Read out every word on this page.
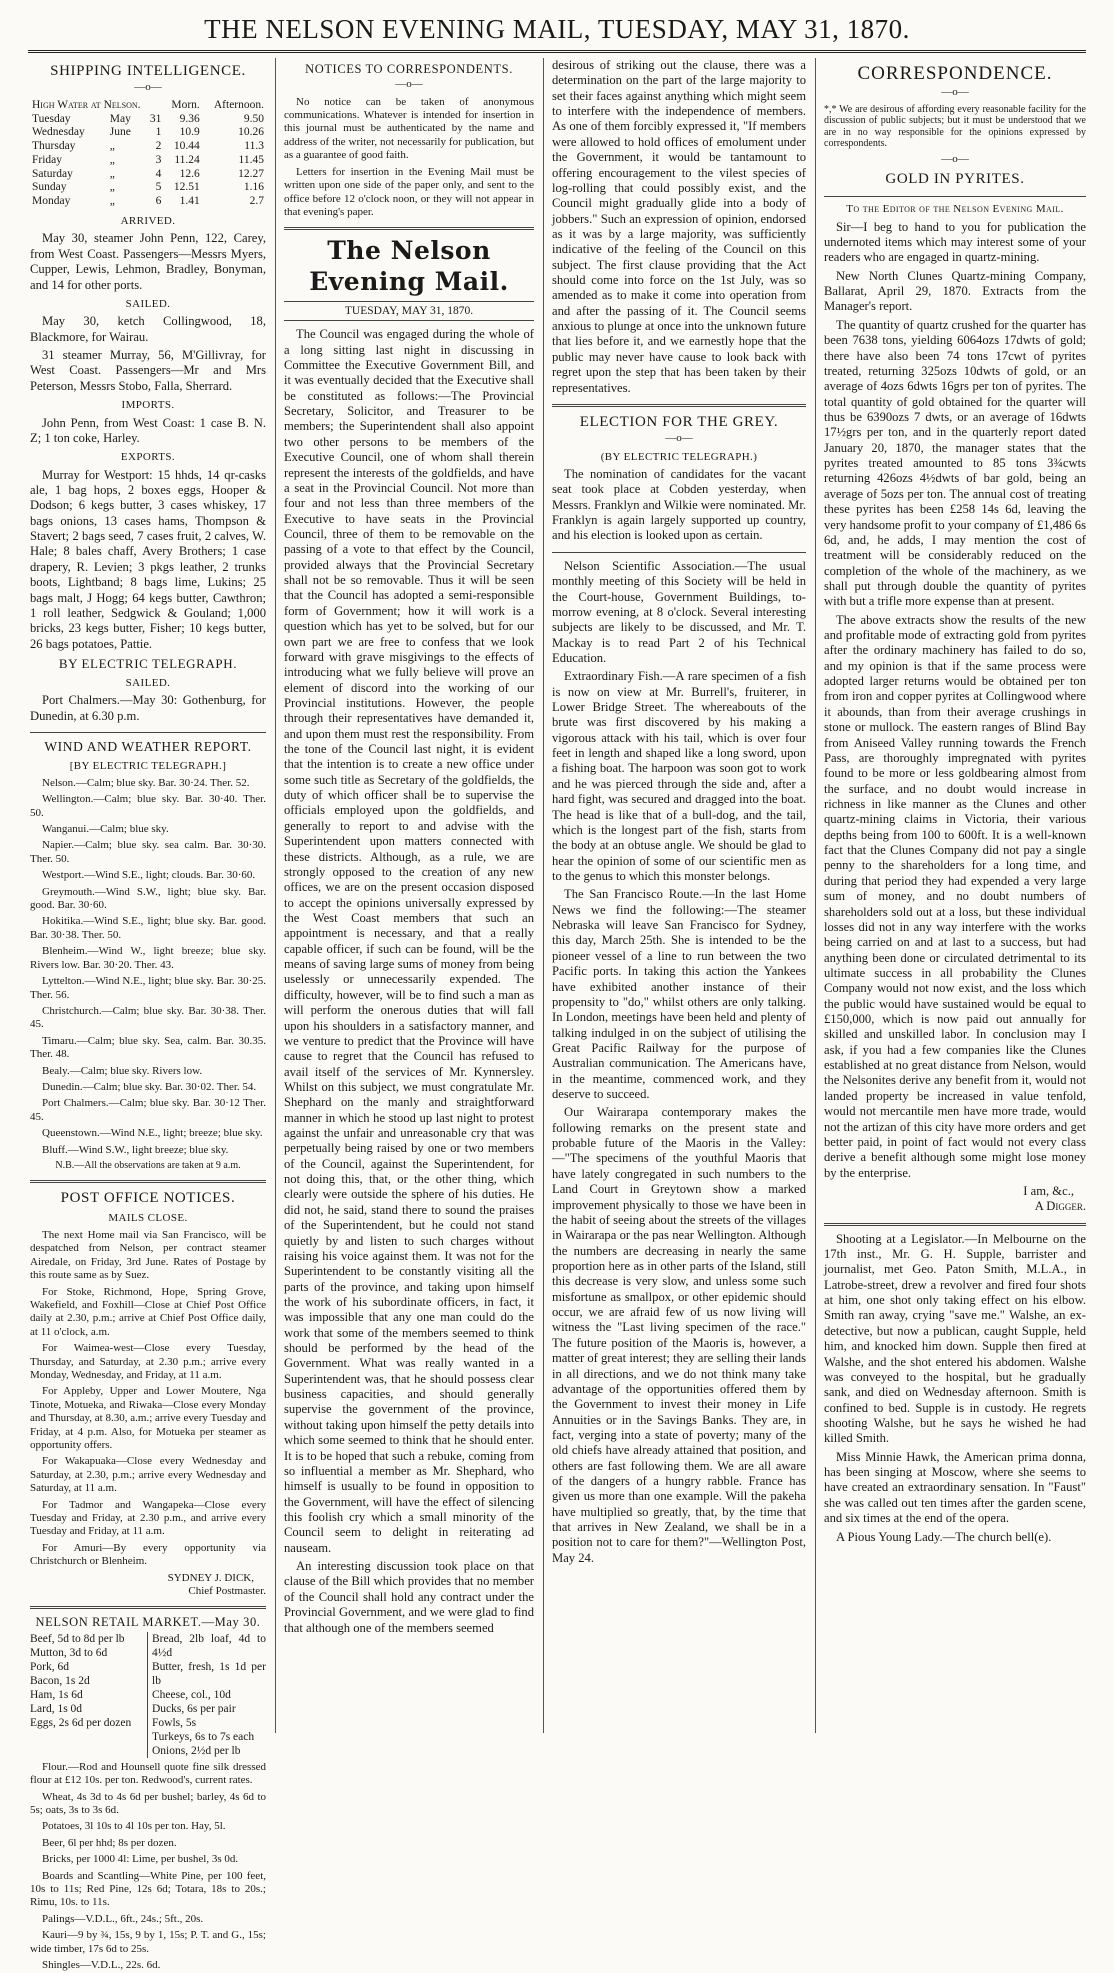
THE NELSON EVENING MAIL, TUESDAY, MAY 31, 1870.
SHIPPING INTELLIGENCE.
—o—
High Water at Nelson.			Morn.	Afternoon.
Tuesday	May	31	9.36	9.50
Wednesday	June	1	10.9	10.26
Thursday	„	2	10.44	11.3
Friday	„	3	11.24	11.45
Saturday	„	4	12.6	12.27
Sunday	„	5	12.51	1.16
Monday	„	6	1.41	2.7
ARRIVED.

May 30, steamer John Penn, 122, Carey, from West Coast. Passengers—Messrs Myers, Cupper, Lewis, Lehmon, Bradley, Bonyman, and 14 for other ports.

SAILED.

May 30, ketch Collingwood, 18, Blackmore, for Wairau.

31 steamer Murray, 56, M'Gillivray, for West Coast. Passengers—Mr and Mrs Peterson, Messrs Stobo, Falla, Sherrard.

IMPORTS.

John Penn, from West Coast: 1 case B. N. Z; 1 ton coke, Harley.

EXPORTS.

Murray for Westport: 15 hhds, 14 qr-casks ale, 1 bag hops, 2 boxes eggs, Hooper & Dodson; 6 kegs butter, 3 cases whiskey, 17 bags onions, 13 cases hams, Thompson & Stavert; 2 bags seed, 7 cases fruit, 2 calves, W. Hale; 8 bales chaff, Avery Brothers; 1 case drapery, R. Levien; 3 pkgs leather, 2 trunks boots, Lightband; 8 bags lime, Lukins; 25 bags malt, J Hogg; 64 kegs butter, Cawthron; 1 roll leather, Sedgwick & Gouland; 1,000 bricks, 23 kegs butter, Fisher; 10 kegs butter, 26 bags potatoes, Pattie.

BY ELECTRIC TELEGRAPH.
SAILED.

Port Chalmers.—May 30: Gothenburg, for Dunedin, at 6.30 p.m.

WIND AND WEATHER REPORT.
[BY ELECTRIC TELEGRAPH.]

Nelson.—Calm; blue sky. Bar. 30·24. Ther. 52.

Wellington.—Calm; blue sky. Bar. 30·40. Ther. 50.

Wanganui.—Calm; blue sky.

Napier.—Calm; blue sky. sea calm. Bar. 30·30. Ther. 50.

Westport.—Wind S.E., light; clouds. Bar. 30·60.

Greymouth.—Wind S.W., light; blue sky. Bar. good. Bar. 30·60.

Hokitika.—Wind S.E., light; blue sky. Bar. good. Bar. 30·38. Ther. 50.

Blenheim.—Wind W., light breeze; blue sky. Rivers low. Bar. 30·20. Ther. 43.

Lyttelton.—Wind N.E., light; blue sky. Bar. 30·25. Ther. 56.

Christchurch.—Calm; blue sky. Bar. 30·38. Ther. 45.

Timaru.—Calm; blue sky. Sea, calm. Bar. 30.35. Ther. 48.

Bealy.—Calm; blue sky. Rivers low.

Dunedin.—Calm; blue sky. Bar. 30·02. Ther. 54.

Port Chalmers.—Calm; blue sky. Bar. 30·12 Ther. 45.

Queenstown.—Wind N.E., light; breeze; blue sky.

Bluff.—Wind S.W., light breeze; blue sky.

N.B.—All the observations are taken at 9 a.m.

POST OFFICE NOTICES.
MAILS CLOSE.

The next Home mail via San Francisco, will be despatched from Nelson, per contract steamer Airedale, on Friday, 3rd June. Rates of Postage by this route same as by Suez.

For Stoke, Richmond, Hope, Spring Grove, Wakefield, and Foxhill—Close at Chief Post Office daily at 2.30, p.m.; arrive at Chief Post Office daily, at 11 o'clock, a.m.

For Waimea-west—Close every Tuesday, Thursday, and Saturday, at 2.30 p.m.; arrive every Monday, Wednesday, and Friday, at 11 a.m.

For Appleby, Upper and Lower Moutere, Nga Tinote, Motueka, and Riwaka—Close every Monday and Thursday, at 8.30, a.m.; arrive every Tuesday and Friday, at 4 p.m. Also, for Motueka per steamer as opportunity offers.

For Wakapuaka—Close every Wednesday and Saturday, at 2.30, p.m.; arrive every Wednesday and Saturday, at 11 a.m.

For Tadmor and Wangapeka—Close every Tuesday and Friday, at 2.30 p.m., and arrive every Tuesday and Friday, at 11 a.m.

For Amuri—By every opportunity via Christchurch or Blenheim.

SYDNEY J. DICK,
Chief Postmaster.
NELSON RETAIL MARKET.—May 30.
Beef, 5d to 8d per lb
Mutton, 3d to 6d
Pork, 6d
Bacon, 1s 2d
Ham, 1s 6d
Lard, 1s 0d
Eggs, 2s 6d per dozen
Bread, 2lb loaf, 4d to 4½d
Butter, fresh, 1s 1d per lb
Cheese, col., 10d
Ducks, 6s per pair
Fowls, 5s
Turkeys, 6s to 7s each
Onions, 2½d per lb

Flour.—Rod and Hounsell quote fine silk dressed flour at £12 10s. per ton. Redwood's, current rates.

Wheat, 4s 3d to 4s 6d per bushel; barley, 4s 6d to 5s; oats, 3s to 3s 6d.

Potatoes, 3l 10s to 4l 10s per ton. Hay, 5l.

Beer, 6l per hhd; 8s per dozen.

Bricks, per 1000 4l: Lime, per bushel, 3s 0d.

Boards and Scantling—White Pine, per 100 feet, 10s to 11s; Red Pine, 12s 6d; Totara, 18s to 20s.; Rimu, 10s. to 11s.

Palings—V.D.L., 6ft., 24s.; 5ft., 20s.

Kauri—9 by ¾, 15s, 9 by 1, 15s; P. T. and G., 15s; wide timber, 17s 6d to 25s.

Shingles—V.D.L., 22s. 6d.

NOTICES TO CORRESPONDENTS.
—o—

No notice can be taken of anonymous communications. Whatever is intended for insertion in this journal must be authenticated by the name and address of the writer, not necessarily for publication, but as a guarantee of good faith.

Letters for insertion in the Evening Mail must be written upon one side of the paper only, and sent to the office before 12 o'clock noon, or they will not appear in that evening's paper.

The Nelson Evening Mail.
TUESDAY, MAY 31, 1870.

The Council was engaged during the whole of a long sitting last night in discussing in Committee the Executive Government Bill, and it was eventually decided that the Executive shall be constituted as follows:—The Provincial Secretary, Solicitor, and Treasurer to be members; the Superintendent shall also appoint two other persons to be members of the Executive Council, one of whom shall therein represent the interests of the goldfields, and have a seat in the Provincial Council. Not more than four and not less than three members of the Executive to have seats in the Provincial Council, three of them to be removable on the passing of a vote to that effect by the Council, provided always that the Provincial Secretary shall not be so removable. Thus it will be seen that the Council has adopted a semi-responsible form of Government; how it will work is a question which has yet to be solved, but for our own part we are free to confess that we look forward with grave misgivings to the effects of introducing what we fully believe will prove an element of discord into the working of our Provincial institutions. However, the people through their representatives have demanded it, and upon them must rest the responsibility. From the tone of the Council last night, it is evident that the intention is to create a new office under some such title as Secretary of the goldfields, the duty of which officer shall be to supervise the officials employed upon the goldfields, and generally to report to and advise with the Superintendent upon matters connected with these districts. Although, as a rule, we are strongly opposed to the creation of any new offices, we are on the present occasion disposed to accept the opinions universally expressed by the West Coast members that such an appointment is necessary, and that a really capable officer, if such can be found, will be the means of saving large sums of money from being uselessly or unnecessarily expended. The difficulty, however, will be to find such a man as will perform the onerous duties that will fall upon his shoulders in a satisfactory manner, and we venture to predict that the Province will have cause to regret that the Council has refused to avail itself of the services of Mr. Kynnersley. Whilst on this subject, we must congratulate Mr. Shephard on the manly and straightforward manner in which he stood up last night to protest against the unfair and unreasonable cry that was perpetually being raised by one or two members of the Council, against the Superintendent, for not doing this, that, or the other thing, which clearly were outside the sphere of his duties. He did not, he said, stand there to sound the praises of the Superintendent, but he could not stand quietly by and listen to such charges without raising his voice against them. It was not for the Superintendent to be constantly visiting all the parts of the province, and taking upon himself the work of his subordinate officers, in fact, it was impossible that any one man could do the work that some of the members seemed to think should be performed by the head of the Government. What was really wanted in a Superintendent was, that he should possess clear business capacities, and should generally supervise the government of the province, without taking upon himself the petty details into which some seemed to think that he should enter. It is to be hoped that such a rebuke, coming from so influential a member as Mr. Shephard, who himself is usually to be found in opposition to the Government, will have the effect of silencing this foolish cry which a small minority of the Council seem to delight in reiterating ad nauseam.

An interesting discussion took place on that clause of the Bill which provides that no member of the Council shall hold any contract under the Provincial Government, and we were glad to find that although one of the members seemed

desirous of striking out the clause, there was a determination on the part of the large majority to set their faces against anything which might seem to interfere with the independence of members. As one of them forcibly expressed it, "If members were allowed to hold offices of emolument under the Government, it would be tantamount to offering encouragement to the vilest species of log-rolling that could possibly exist, and the Council might gradually glide into a body of jobbers." Such an expression of opinion, endorsed as it was by a large majority, was sufficiently indicative of the feeling of the Council on this subject. The first clause providing that the Act should come into force on the 1st July, was so amended as to make it come into operation from and after the passing of it. The Council seems anxious to plunge at once into the unknown future that lies before it, and we earnestly hope that the public may never have cause to look back with regret upon the step that has been taken by their representatives.

ELECTION FOR THE GREY.
—o—
(BY ELECTRIC TELEGRAPH.)

The nomination of candidates for the vacant seat took place at Cobden yesterday, when Messrs. Franklyn and Wilkie were nominated. Mr. Franklyn is again largely supported up country, and his election is looked upon as certain.

Nelson Scientific Association.—The usual monthly meeting of this Society will be held in the Court-house, Government Buildings, to-morrow evening, at 8 o'clock. Several interesting subjects are likely to be discussed, and Mr. T. Mackay is to read Part 2 of his Technical Education.

Extraordinary Fish.—A rare specimen of a fish is now on view at Mr. Burrell's, fruiterer, in Lower Bridge Street. The whereabouts of the brute was first discovered by his making a vigorous attack with his tail, which is over four feet in length and shaped like a long sword, upon a fishing boat. The harpoon was soon got to work and he was pierced through the side and, after a hard fight, was secured and dragged into the boat. The head is like that of a bull-dog, and the tail, which is the longest part of the fish, starts from the body at an obtuse angle. We should be glad to hear the opinion of some of our scientific men as to the genus to which this monster belongs.

The San Francisco Route.—In the last Home News we find the following:—The steamer Nebraska will leave San Francisco for Sydney, this day, March 25th. She is intended to be the pioneer vessel of a line to run between the two Pacific ports. In taking this action the Yankees have exhibited another instance of their propensity to "do," whilst others are only talking. In London, meetings have been held and plenty of talking indulged in on the subject of utilising the Great Pacific Railway for the purpose of Australian communication. The Americans have, in the meantime, commenced work, and they deserve to succeed.

Our Wairarapa contemporary makes the following remarks on the present state and probable future of the Maoris in the Valley:—"The specimens of the youthful Maoris that have lately congregated in such numbers to the Land Court in Greytown show a marked improvement physically to those we have been in the habit of seeing about the streets of the villages in Wairarapa or the pas near Wellington. Although the numbers are decreasing in nearly the same proportion here as in other parts of the Island, still this decrease is very slow, and unless some such misfortune as smallpox, or other epidemic should occur, we are afraid few of us now living will witness the "Last living specimen of the race." The future position of the Maoris is, however, a matter of great interest; they are selling their lands in all directions, and we do not think many take advantage of the opportunities offered them by the Government to invest their money in Life Annuities or in the Savings Banks. They are, in fact, verging into a state of poverty; many of the old chiefs have already attained that position, and others are fast following them. We are all aware of the dangers of a hungry rabble. France has given us more than one example. Will the pakeha have multiplied so greatly, that, by the time that that arrives in New Zealand, we shall be in a position not to care for them?"—Wellington Post, May 24.

CORRESPONDENCE.
—o—

*,* We are desirous of affording every reasonable facility for the discussion of public subjects; but it must be understood that we are in no way responsible for the opinions expressed by correspondents.

—o—
GOLD IN PYRITES.
To the Editor of the Nelson Evening Mail.

Sir—I beg to hand to you for publication the undernoted items which may interest some of your readers who are engaged in quartz-mining.

New North Clunes Quartz-mining Company, Ballarat, April 29, 1870. Extracts from the Manager's report.

The quantity of quartz crushed for the quarter has been 7638 tons, yielding 6064ozs 17dwts of gold; there have also been 74 tons 17cwt of pyrites treated, returning 325ozs 10dwts of gold, or an average of 4ozs 6dwts 16grs per ton of pyrites. The total quantity of gold obtained for the quarter will thus be 6390ozs 7 dwts, or an average of 16dwts 17½grs per ton, and in the quarterly report dated January 20, 1870, the manager states that the pyrites treated amounted to 85 tons 3¾cwts returning 426ozs 4½dwts of bar gold, being an average of 5ozs per ton. The annual cost of treating these pyrites has been £258 14s 6d, leaving the very handsome profit to your company of £1,486 6s 6d, and, he adds, I may mention the cost of treatment will be considerably reduced on the completion of the whole of the machinery, as we shall put through double the quantity of pyrites with but a trifle more expense than at present.

The above extracts show the results of the new and profitable mode of extracting gold from pyrites after the ordinary machinery has failed to do so, and my opinion is that if the same process were adopted larger returns would be obtained per ton from iron and copper pyrites at Collingwood where it abounds, than from their average crushings in stone or mullock. The eastern ranges of Blind Bay from Aniseed Valley running towards the French Pass, are thoroughly impregnated with pyrites found to be more or less goldbearing almost from the surface, and no doubt would increase in richness in like manner as the Clunes and other quartz-mining claims in Victoria, their various depths being from 100 to 600ft. It is a well-known fact that the Clunes Company did not pay a single penny to the shareholders for a long time, and during that period they had expended a very large sum of money, and no doubt numbers of shareholders sold out at a loss, but these individual losses did not in any way interfere with the works being carried on and at last to a success, but had anything been done or circulated detrimental to its ultimate success in all probability the Clunes Company would not now exist, and the loss which the public would have sustained would be equal to £150,000, which is now paid out annually for skilled and unskilled labor. In conclusion may I ask, if you had a few companies like the Clunes established at no great distance from Nelson, would the Nelsonites derive any benefit from it, would not landed property be increased in value tenfold, would not mercantile men have more trade, would not the artizan of this city have more orders and get better paid, in point of fact would not every class derive a benefit although some might lose money by the enterprise.

I am, &c.,
A Digger.

Shooting at a Legislator.—In Melbourne on the 17th inst., Mr. G. H. Supple, barrister and journalist, met Geo. Paton Smith, M.L.A., in Latrobe-street, drew a revolver and fired four shots at him, one shot only taking effect on his elbow. Smith ran away, crying "save me." Walshe, an ex-detective, but now a publican, caught Supple, held him, and knocked him down. Supple then fired at Walshe, and the shot entered his abdomen. Walshe was conveyed to the hospital, but he gradually sank, and died on Wednesday afternoon. Smith is confined to bed. Supple is in custody. He regrets shooting Walshe, but he says he wished he had killed Smith.

Miss Minnie Hawk, the American prima donna, has been singing at Moscow, where she seems to have created an extraordinary sensation. In "Faust" she was called out ten times after the garden scene, and six times at the end of the opera.

A Pious Young Lady.—The church bell(e).
